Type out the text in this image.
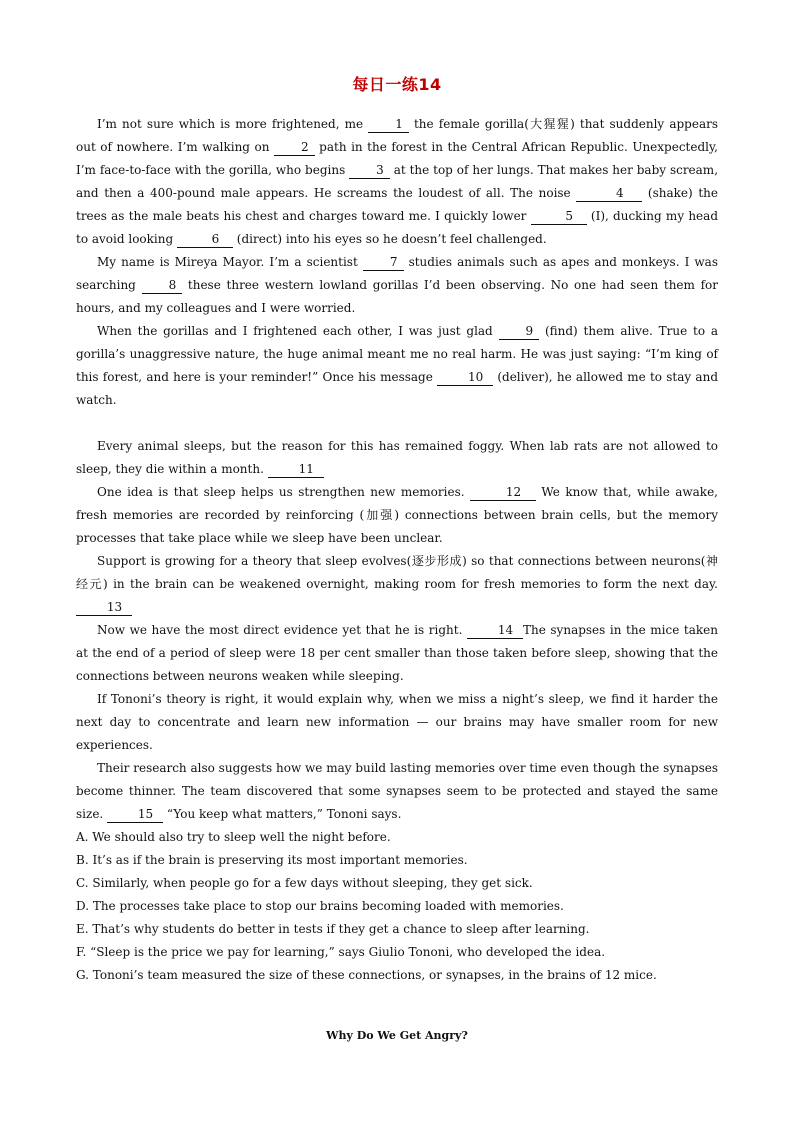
每日一练14

I’m not sure which is more frightened, me 1 the female gorilla(大猩猩) that suddenly appears out of nowhere. I’m walking on 2 path in the forest in the Central African Republic. Unexpectedly, I’m face-to-face with the gorilla, who begins 3 at the top of her lungs. That makes her baby scream, and then a 400-pound male appears. He screams the loudest of all. The noise	4 (shake) the trees as the male beats his chest and charges toward me. I quickly lower	5 (I), ducking my head to avoid looking	6 (direct) into his eyes so he doesn’t feel challenged.

My name is Mireya Mayor. I’m a scientist 7 studies animals such as apes and monkeys. I was searching 8 these three western lowland gorillas I’d been observing. No one had seen them for hours, and my colleagues and I were worried.

When the gorillas and I frightened each other, I was just glad 9 (find) them alive. True to a gorilla’s unaggressive nature, the huge animal meant me no real harm. He was just saying: “I’m king of this forest, and here is your reminder!” Once his message	10 (deliver), he allowed me to stay and watch.

Every animal sleeps, but the reason for this has remained foggy. When lab rats are not allowed to sleep, they die within a month.	11

One idea is that sleep helps us strengthen new memories.	12 We know that, while awake, fresh memories are recorded by reinforcing (加强) connections between brain cells, but the memory processes that take place while we sleep have been unclear.

Support is growing for a theory that sleep evolves(逐步形成) so that connections between neurons(神经元) in the brain can be weakened overnight, making room for fresh memories to form the next day. 13

Now we have the most direct evidence yet that he is right.	14 The synapses in the mice taken at the end of a period of sleep were 18 per cent smaller than those taken before sleep, showing that the connections between neurons weaken while sleeping.

If Tononi’s theory is right, it would explain why, when we miss a night’s sleep, we find it harder the next day to concentrate and learn new information — our brains may have smaller room for new experiences.

Their research also suggests how we may build lasting memories over time even though the synapses become thinner. The team discovered that some synapses seem to be protected and stayed the same size.	15 “You keep what matters,” Tononi says.

A. We should also try to sleep well the night before.
B. It’s as if the brain is preserving its most important memories.
C. Similarly, when people go for a few days without sleeping, they get sick.
D. The processes take place to stop our brains becoming loaded with memories.
E. That’s why students do better in tests if they get a chance to sleep after learning.
F. “Sleep is the price we pay for learning,” says Giulio Tononi, who developed the idea.
G. Tononi’s team measured the size of these connections, or synapses, in the brains of 12 mice.
Why Do We Get Angry?
